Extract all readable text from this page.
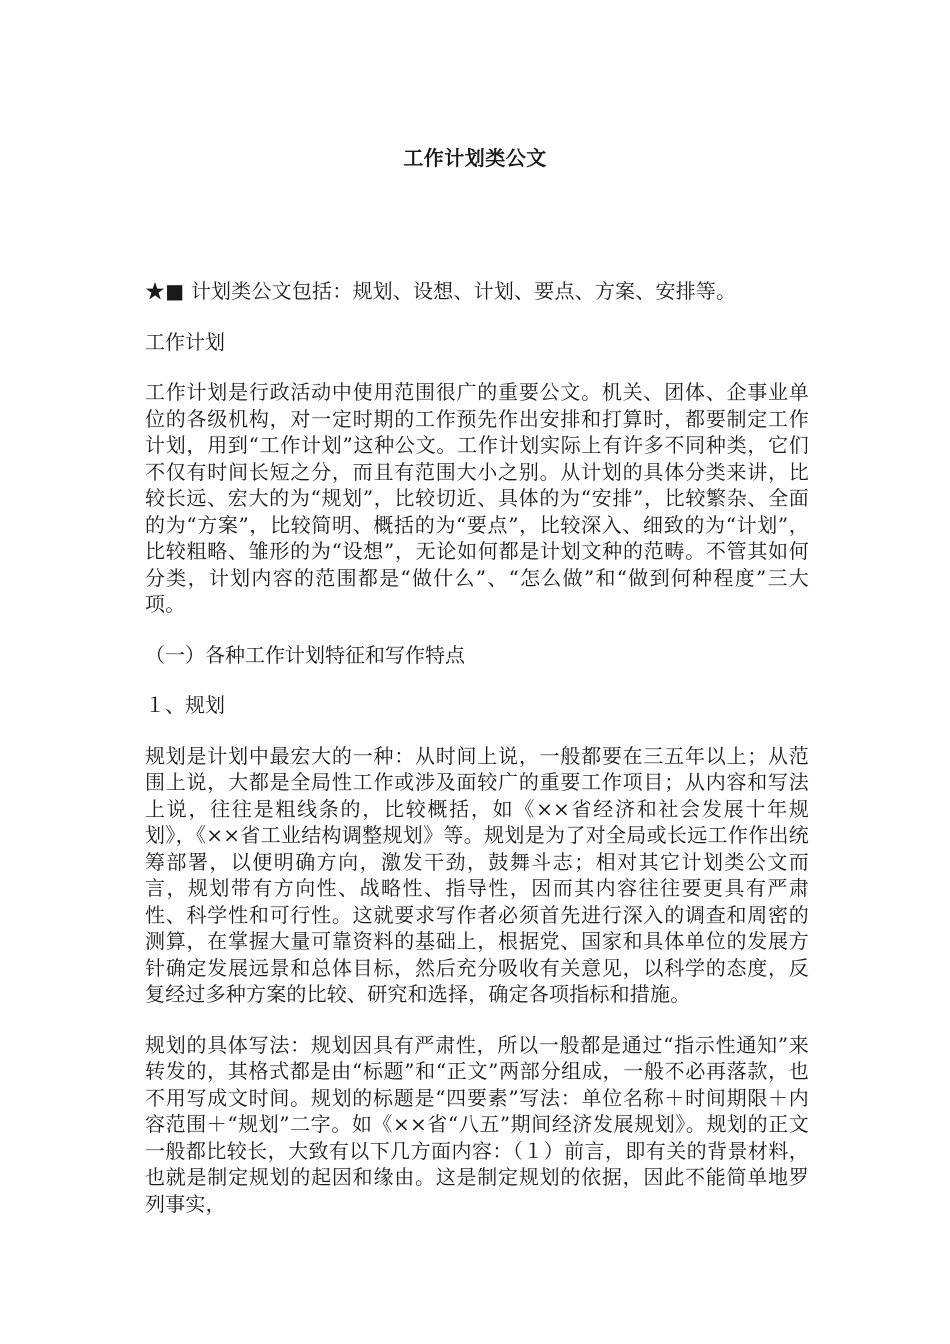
工作计划类公文

★■ 计划类公文包括：规划、设想、计划、要点、方案、安排等。

工作计划

工作计划是行政活动中使用范围很广的重要公文。机关、团体、企事业单位的各级机构，对一定时期的工作预先作出安排和打算时，都要制定工作计划，用到“工作计划”这种公文。工作计划实际上有许多不同种类，它们不仅有时间长短之分，而且有范围大小之别。从计划的具体分类来讲，比较长远、宏大的为“规划”，比较切近、具体的为“安排”，比较繁杂、全面的为“方案”，比较简明、概括的为“要点”，比较深入、细致的为“计划”，比较粗略、雏形的为“设想”，无论如何都是计划文种的范畴。不管其如何分类，计划内容的范围都是“做什么”、“怎么做”和“做到何种程度”三大项。

（一）各种工作计划特征和写作特点

１、规划

规划是计划中最宏大的一种：从时间上说，一般都要在三五年以上；从范围上说，大都是全局性工作或涉及面较广的重要工作项目；从内容和写法上说，往往是粗线条的，比较概括，如《××省经济和社会发展十年规划》，《××省工业结构调整规划》等。规划是为了对全局或长远工作作出统筹部署，以便明确方向，激发干劲，鼓舞斗志；相对其它计划类公文而言，规划带有方向性、战略性、指导性，因而其内容往往要更具有严肃性、科学性和可行性。这就要求写作者必须首先进行深入的调查和周密的测算，在掌握大量可靠资料的基础上，根据党、国家和具体单位的发展方针确定发展远景和总体目标，然后充分吸收有关意见，以科学的态度，反复经过多种方案的比较、研究和选择，确定各项指标和措施。

规划的具体写法：规划因具有严肃性，所以一般都是通过“指示性通知”来转发的，其格式都是由“标题”和“正文”两部分组成，一般不必再落款，也不用写成文时间。规划的标题是“四要素”写法：单位名称＋时间期限＋内容范围＋“规划”二字。如《××省“八五”期间经济发展规划》。规划的正文一般都比较长，大致有以下几方面内容：（１）前言，即有关的背景材料，也就是制定规划的起因和缘由。这是制定规划的依据，因此不能简单地罗列事实，
